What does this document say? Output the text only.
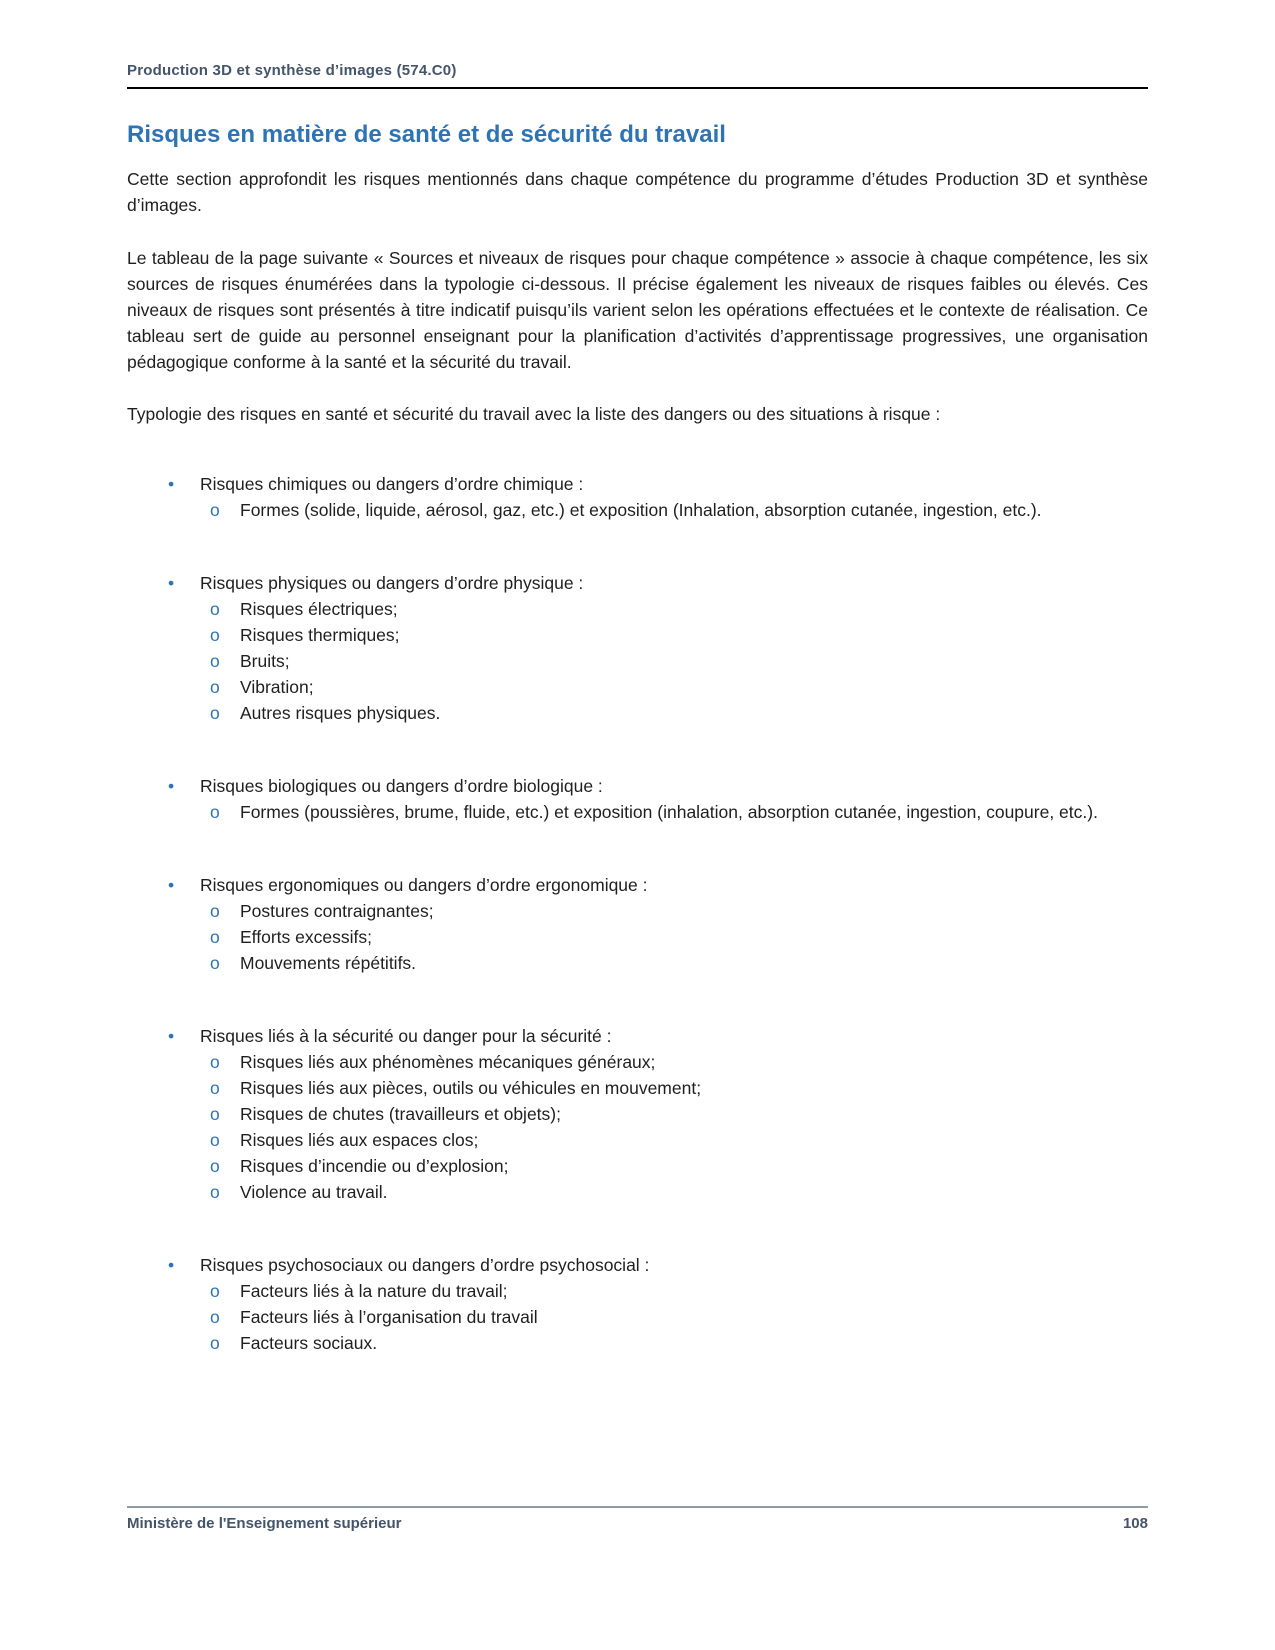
Production 3D et synthèse d’images (574.C0)
Risques en matière de santé et de sécurité du travail

Cette section approfondit les risques mentionnés dans chaque compétence du programme d’études Production 3D et synthèse d’images.

Le tableau de la page suivante « Sources et niveaux de risques pour chaque compétence » associe à chaque compétence, les six sources de risques énumérées dans la typologie ci-dessous. Il précise également les niveaux de risques faibles ou élevés. Ces niveaux de risques sont présentés à titre indicatif puisqu’ils varient selon les opérations effectuées et le contexte de réalisation. Ce tableau sert de guide au personnel enseignant pour la planification d’activités d’apprentissage progressives, une organisation pédagogique conforme à la santé et la sécurité du travail.

Typologie des risques en santé et sécurité du travail avec la liste des dangers ou des situations à risque :

•	Risques chimiques ou dangers d’ordre chimique :
o	Formes (solide, liquide, aérosol, gaz, etc.) et exposition (Inhalation, absorption cutanée, ingestion, etc.).
•	Risques physiques ou dangers d’ordre physique :
o	Risques électriques;
o	Risques thermiques;
o	Bruits;
o	Vibration;
o	Autres risques physiques.
•	Risques biologiques ou dangers d’ordre biologique :
o	Formes (poussières, brume, fluide, etc.) et exposition (inhalation, absorption cutanée, ingestion, coupure, etc.).
•	Risques ergonomiques ou dangers d’ordre ergonomique :
o	Postures contraignantes;
o	Efforts excessifs;
o	Mouvements répétitifs.
•	Risques liés à la sécurité ou danger pour la sécurité :
o	Risques liés aux phénomènes mécaniques généraux;
o	Risques liés aux pièces, outils ou véhicules en mouvement;
o	Risques de chutes (travailleurs et objets);
o	Risques liés aux espaces clos;
o	Risques d’incendie ou d’explosion;
o	Violence au travail.
•	Risques psychosociaux ou dangers d’ordre psychosocial :
o	Facteurs liés à la nature du travail;
o	Facteurs liés à l’organisation du travail
o	Facteurs sociaux.
Ministère de l'Enseignement supérieur	108
